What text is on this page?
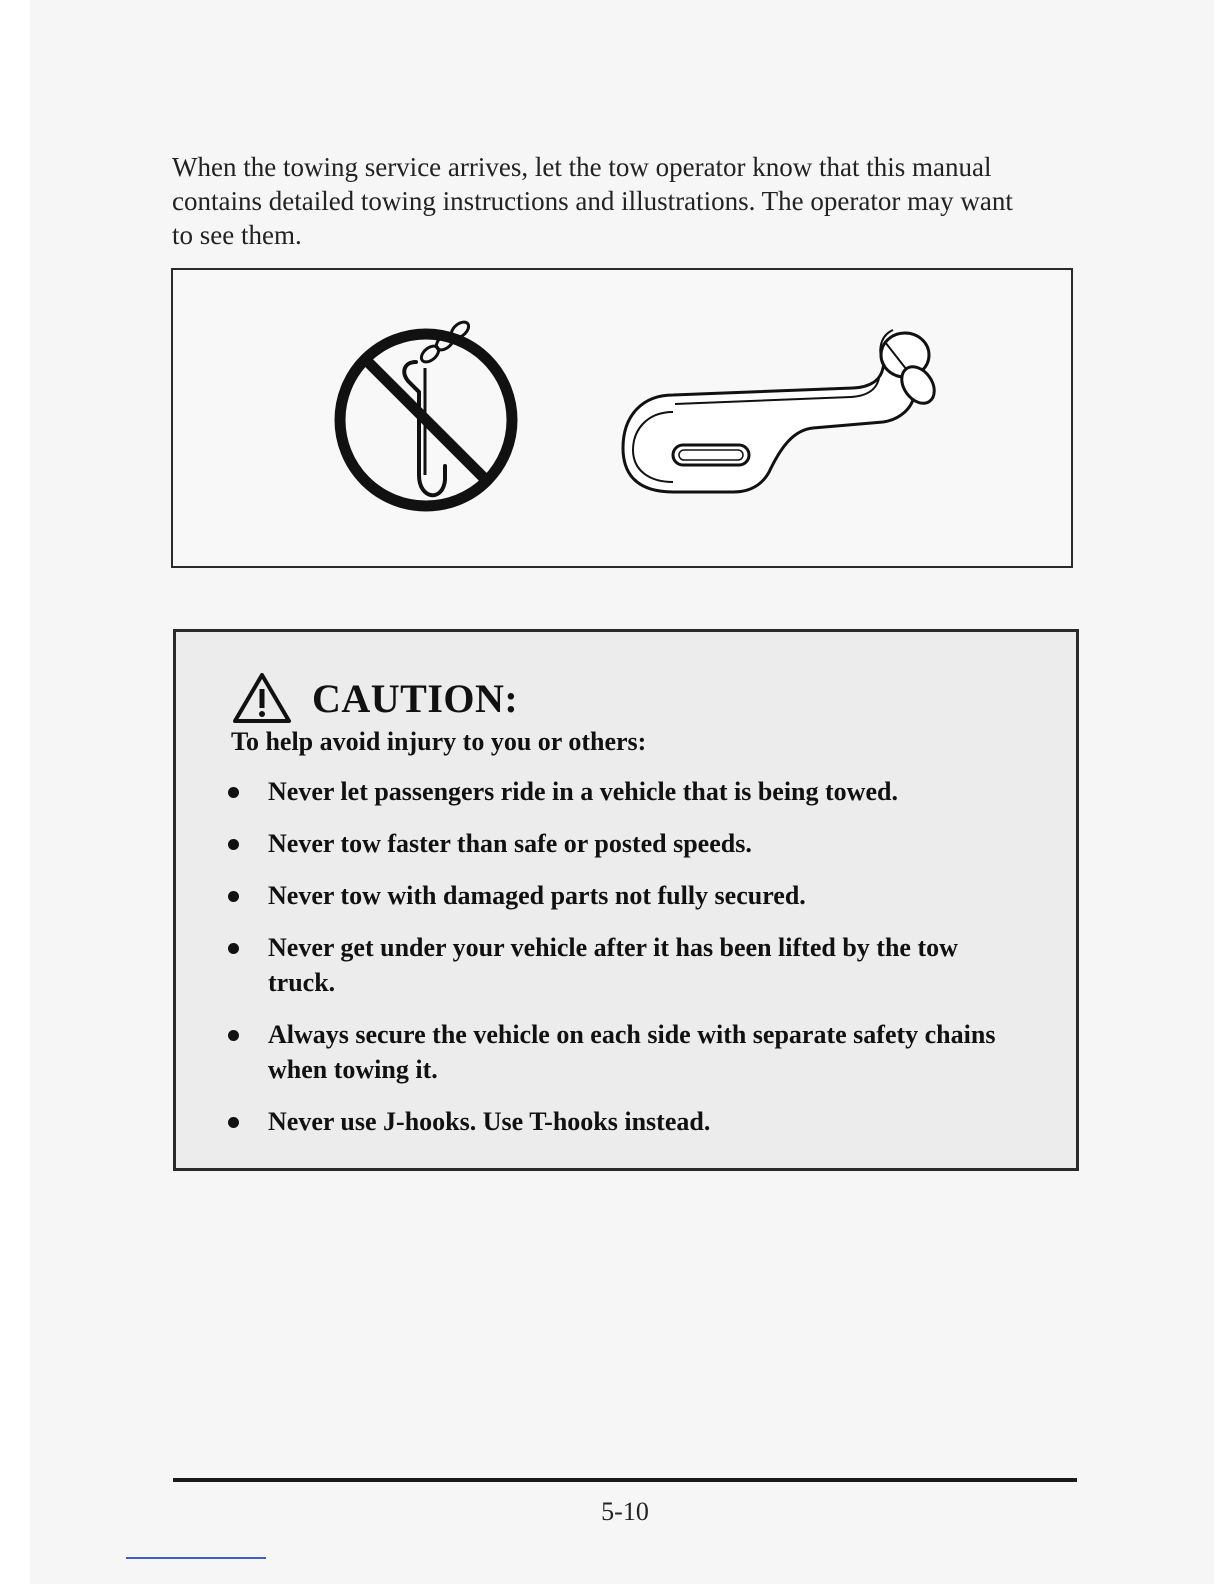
When the towing service arrives, let the tow operator know that this manual contains detailed towing instructions and illustrations. The operator may want to see them.

CAUTION:
To help avoid injury to you or others:
Never let passengers ride in a vehicle that is being towed.
Never tow faster than safe or posted speeds.
Never tow with damaged parts not fully secured.
Never get under your vehicle after it has been lifted by the tow truck.
Always secure the vehicle on each side with separate safety chains when towing it.
Never use J-hooks. Use T-hooks instead.
5-10
